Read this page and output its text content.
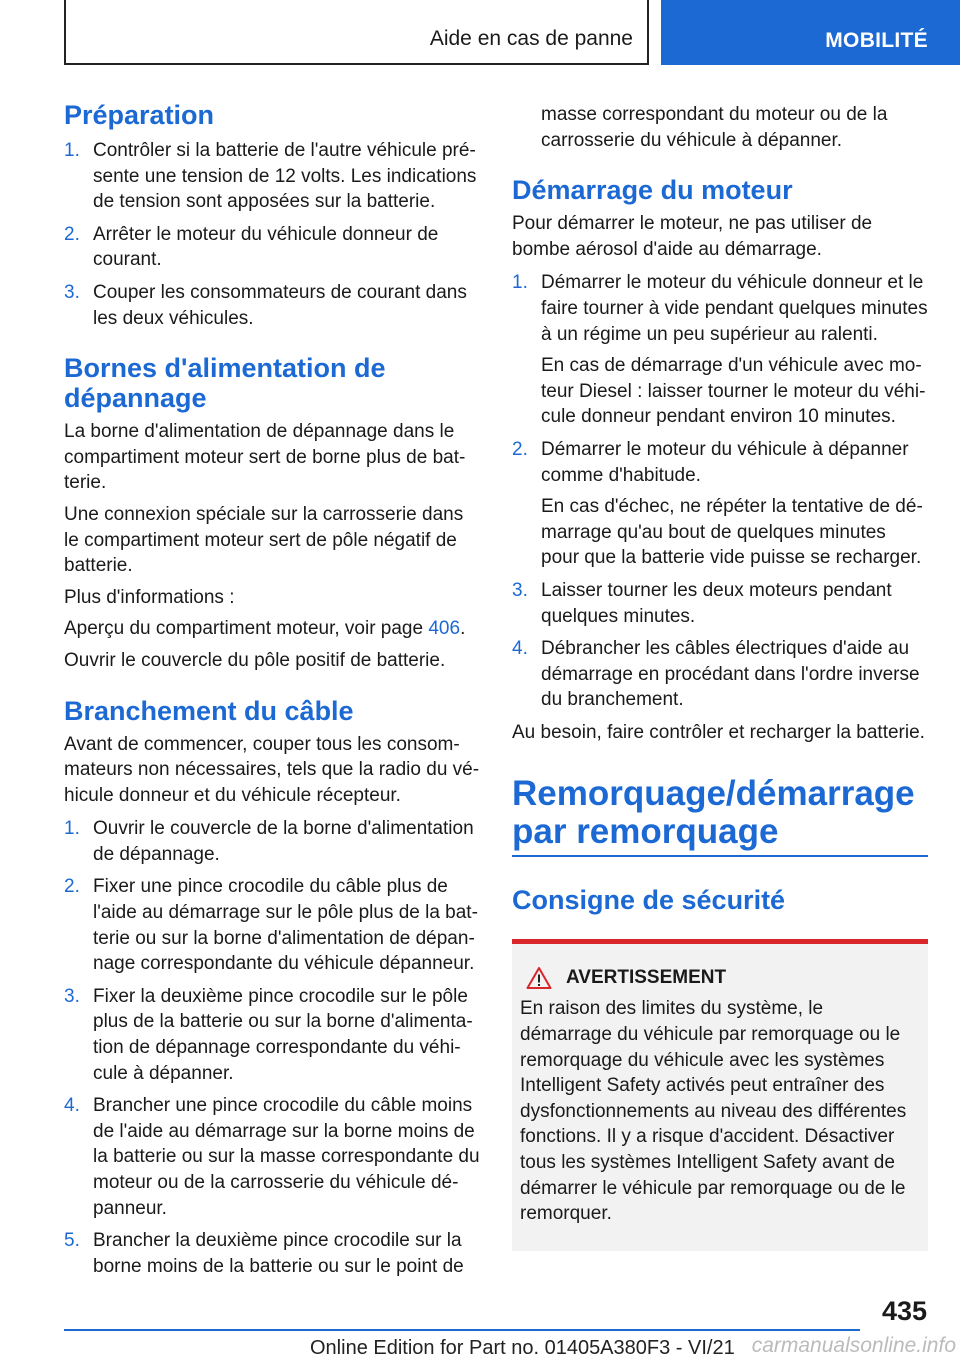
Aide en cas de panne	MOBILITÉ
Préparation
1. Contrôler si la batterie de l'autre véhicule présente une tension de 12 volts. Les indications de tension sont apposées sur la batterie.
2. Arrêter le moteur du véhicule donneur de courant.
3. Couper les consommateurs de courant dans les deux véhicules.
Bornes d'alimentation de dépannage

La borne d'alimentation de dépannage dans le compartiment moteur sert de borne plus de batterie.

Une connexion spéciale sur la carrosserie dans le compartiment moteur sert de pôle négatif de batterie.

Plus d'informations :

Aperçu du compartiment moteur, voir page 406.

Ouvrir le couvercle du pôle positif de batterie.

Branchement du câble

Avant de commencer, couper tous les consommateurs non nécessaires, tels que la radio du véhicule donneur et du véhicule récepteur.

1. Ouvrir le couvercle de la borne d'alimentation de dépannage.
2. Fixer une pince crocodile du câble plus de l'aide au démarrage sur le pôle plus de la batterie ou sur la borne d'alimentation de dépannage correspondante du véhicule dépanneur.
3. Fixer la deuxième pince crocodile sur le pôle plus de la batterie ou sur la borne d'alimentation de dépannage correspondante du véhicule à dépanner.
4. Brancher une pince crocodile du câble moins de l'aide au démarrage sur la borne moins de la batterie ou sur la masse correspondante du moteur ou de la carrosserie du véhicule dépanneur.
5. Brancher la deuxième pince crocodile sur la borne moins de la batterie ou sur le point de

masse correspondant du moteur ou de la carrosserie du véhicule à dépanner.

Démarrage du moteur

Pour démarrer le moteur, ne pas utiliser de bombe aérosol d'aide au démarrage.

1. Démarrer le moteur du véhicule donneur et le faire tourner à vide pendant quelques minutes à un régime un peu supérieur au ralenti.
En cas de démarrage d'un véhicule avec moteur Diesel : laisser tourner le moteur du véhicule donneur pendant environ 10 minutes.
2. Démarrer le moteur du véhicule à dépanner comme d'habitude.
En cas d'échec, ne répéter la tentative de démarrage qu'au bout de quelques minutes pour que la batterie vide puisse se recharger.
3. Laisser tourner les deux moteurs pendant quelques minutes.
4. Débrancher les câbles électriques d'aide au démarrage en procédant dans l'ordre inverse du branchement.

Au besoin, faire contrôler et recharger la batterie.

Remorquage/démarrage par remorquage
Consigne de sécurité
AVERTISSEMENT

En raison des limites du système, le démarrage du véhicule par remorquage ou le remorquage du véhicule avec les systèmes Intelligent Safety activés peut entraîner des dysfonctionnements au niveau des différentes fonctions. Il y a risque d'accident. Désactiver tous les systèmes Intelligent Safety avant de démarrer le véhicule par remorquage ou de le remorquer.

435
Online Edition for Part no. 01405A380F3 - VI/21 carmanualsonline.info
